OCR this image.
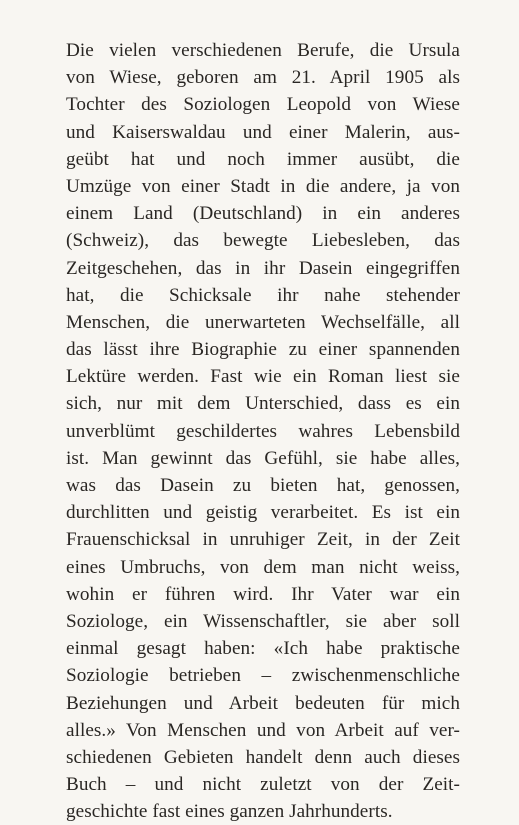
Die vielen verschiedenen Berufe, die Ursula
von Wiese, geboren am 21. April 1905 als
Tochter des Soziologen Leopold von Wiese
und Kaiserswaldau und einer Malerin, aus-
geübt hat und noch immer ausübt, die
Umzüge von einer Stadt in die andere, ja von
einem Land (Deutschland) in ein anderes
(Schweiz), das bewegte Liebesleben, das
Zeitgeschehen, das in ihr Dasein eingegriffen
hat, die Schicksale ihr nahe stehender
Menschen, die unerwarteten Wechselfälle, all
das lässt ihre Biographie zu einer spannenden
Lektüre werden. Fast wie ein Roman liest sie
sich, nur mit dem Unterschied, dass es ein
unverblümt geschildertes wahres Lebensbild
ist. Man gewinnt das Gefühl, sie habe alles,
was das Dasein zu bieten hat, genossen,
durchlitten und geistig verarbeitet. Es ist ein
Frauenschicksal in unruhiger Zeit, in der Zeit
eines Umbruchs, von dem man nicht weiss,
wohin er führen wird. Ihr Vater war ein
Soziologe, ein Wissenschaftler, sie aber soll
einmal gesagt haben: «Ich habe praktische
Soziologie betrieben – zwischenmenschliche
Beziehungen und Arbeit bedeuten für mich
alles.» Von Menschen und von Arbeit auf ver-
schiedenen Gebieten handelt denn auch dieses
Buch – und nicht zuletzt von der Zeit-
geschichte fast eines ganzen Jahrhunderts.
